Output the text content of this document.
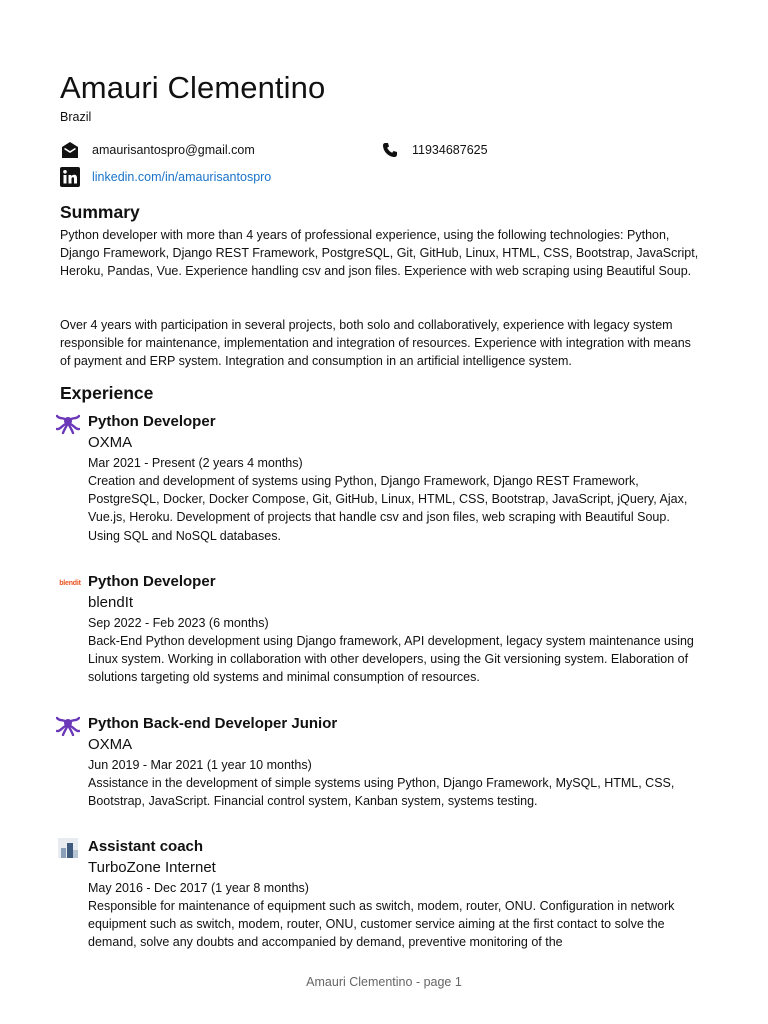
Amauri Clementino
Brazil
amaurisantospro@gmail.com	11934687625
linkedin.com/in/amaurisantospro
Summary

Python developer with more than 4 years of professional experience, using the following technologies: Python, Django Framework, Django REST Framework, PostgreSQL, Git, GitHub, Linux, HTML, CSS, Bootstrap, JavaScript, Heroku, Pandas, Vue. Experience handling csv and json files. Experience with web scraping using Beautiful Soup.

Over 4 years with participation in several projects, both solo and collaboratively, experience with legacy system responsible for maintenance, implementation and integration of resources. Experience with integration with means of payment and ERP system. Integration and consumption in an artificial intelligence system.

Experience
Python Developer
OXMA
Mar 2021 - Present (2 years 4 months)

Creation and development of systems using Python, Django Framework, Django REST Framework, PostgreSQL, Docker, Docker Compose, Git, GitHub, Linux, HTML, CSS, Bootstrap, JavaScript, jQuery, Ajax, Vue.js, Heroku. Development of projects that handle csv and json files, web scraping with Beautiful Soup. Using SQL and NoSQL databases.

blendit Python Developer
blendIt
Sep 2022 - Feb 2023 (6 months)

Back-End Python development using Django framework, API development, legacy system maintenance using Linux system. Working in collaboration with other developers, using the Git versioning system. Elaboration of solutions targeting old systems and minimal consumption of resources.

Python Back-end Developer Junior
OXMA
Jun 2019 - Mar 2021 (1 year 10 months)

Assistance in the development of simple systems using Python, Django Framework, MySQL, HTML, CSS, Bootstrap, JavaScript. Financial control system, Kanban system, systems testing.

Assistant coach
TurboZone Internet
May 2016 - Dec 2017 (1 year 8 months)

Responsible for maintenance of equipment such as switch, modem, router, ONU. Configuration in network equipment such as switch, modem, router, ONU, customer service aiming at the first contact to solve the demand, solve any doubts and accompanied by demand, preventive monitoring of the

Amauri Clementino - page 1
